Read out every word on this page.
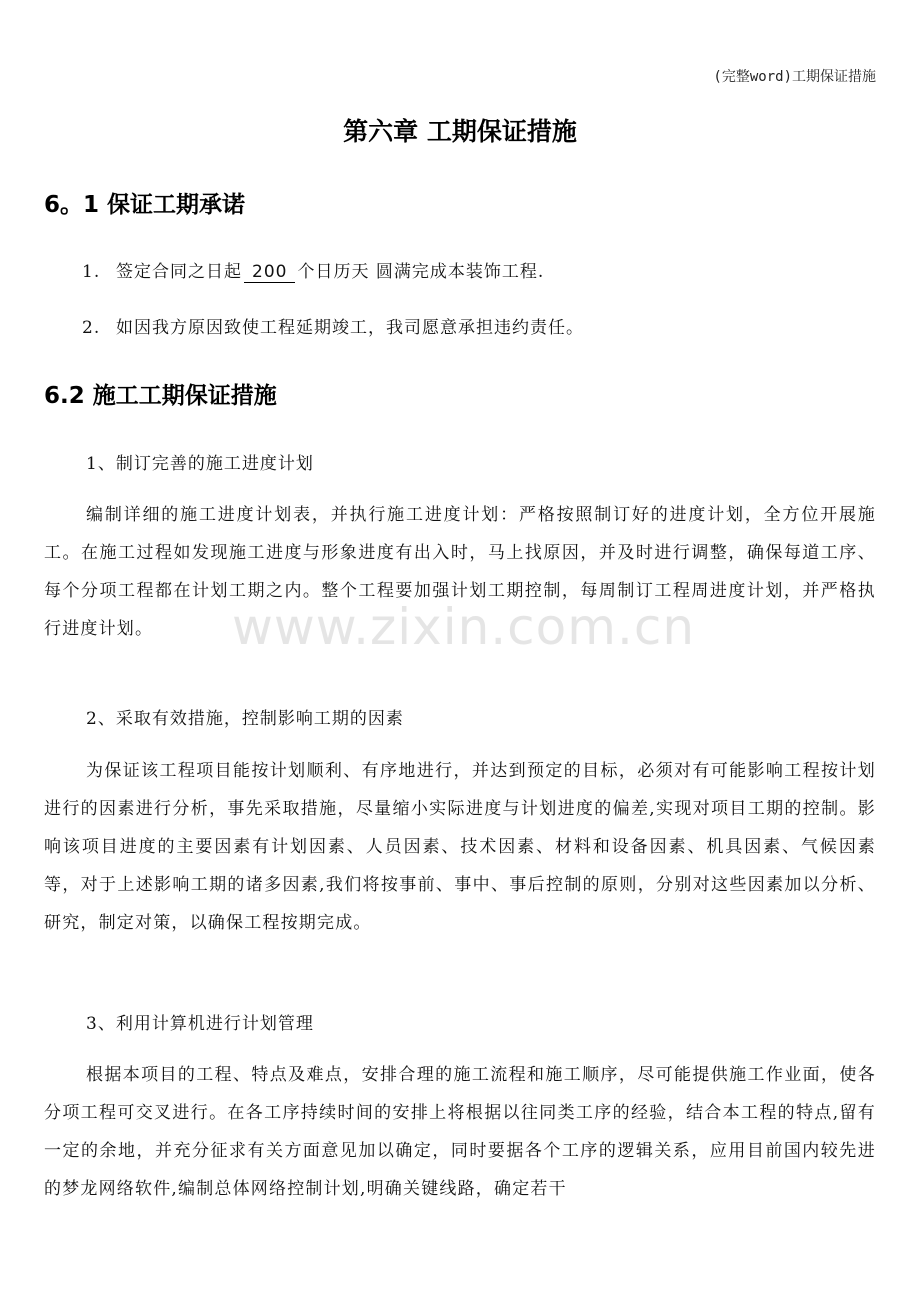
(完整word)工期保证措施
www.zixin.com.cn
第六章 工期保证措施
6。1 保证工期承诺
1. 签定合同之日起 200 个日历天 圆满完成本装饰工程.
2. 如因我方原因致使工程延期竣工，我司愿意承担违约责任。
6.2 施工工期保证措施
1、制订完善的施工进度计划

编制详细的施工进度计划表，并执行施工进度计划：严格按照制订好的进度计划，全方位开展施工。在施工过程如发现施工进度与形象进度有出入时，马上找原因，并及时进行调整，确保每道工序、每个分项工程都在计划工期之内。整个工程要加强计划工期控制，每周制订工程周进度计划，并严格执行进度计划。

2、采取有效措施，控制影响工期的因素

为保证该工程项目能按计划顺利、有序地进行，并达到预定的目标，必须对有可能影响工程按计划进行的因素进行分析，事先采取措施，尽量缩小实际进度与计划进度的偏差,实现对项目工期的控制。影响该项目进度的主要因素有计划因素、人员因素、技术因素、材料和设备因素、机具因素、气候因素等，对于上述影响工期的诸多因素,我们将按事前、事中、事后控制的原则，分别对这些因素加以分析、研究，制定对策，以确保工程按期完成。

3、利用计算机进行计划管理

根据本项目的工程、特点及难点，安排合理的施工流程和施工顺序，尽可能提供施工作业面，使各分项工程可交叉进行。在各工序持续时间的安排上将根据以往同类工序的经验，结合本工程的特点,留有一定的余地，并充分征求有关方面意见加以确定，同时要据各个工序的逻辑关系，应用目前国内较先进的梦龙网络软件,编制总体网络控制计划,明确关键线路，确定若干
